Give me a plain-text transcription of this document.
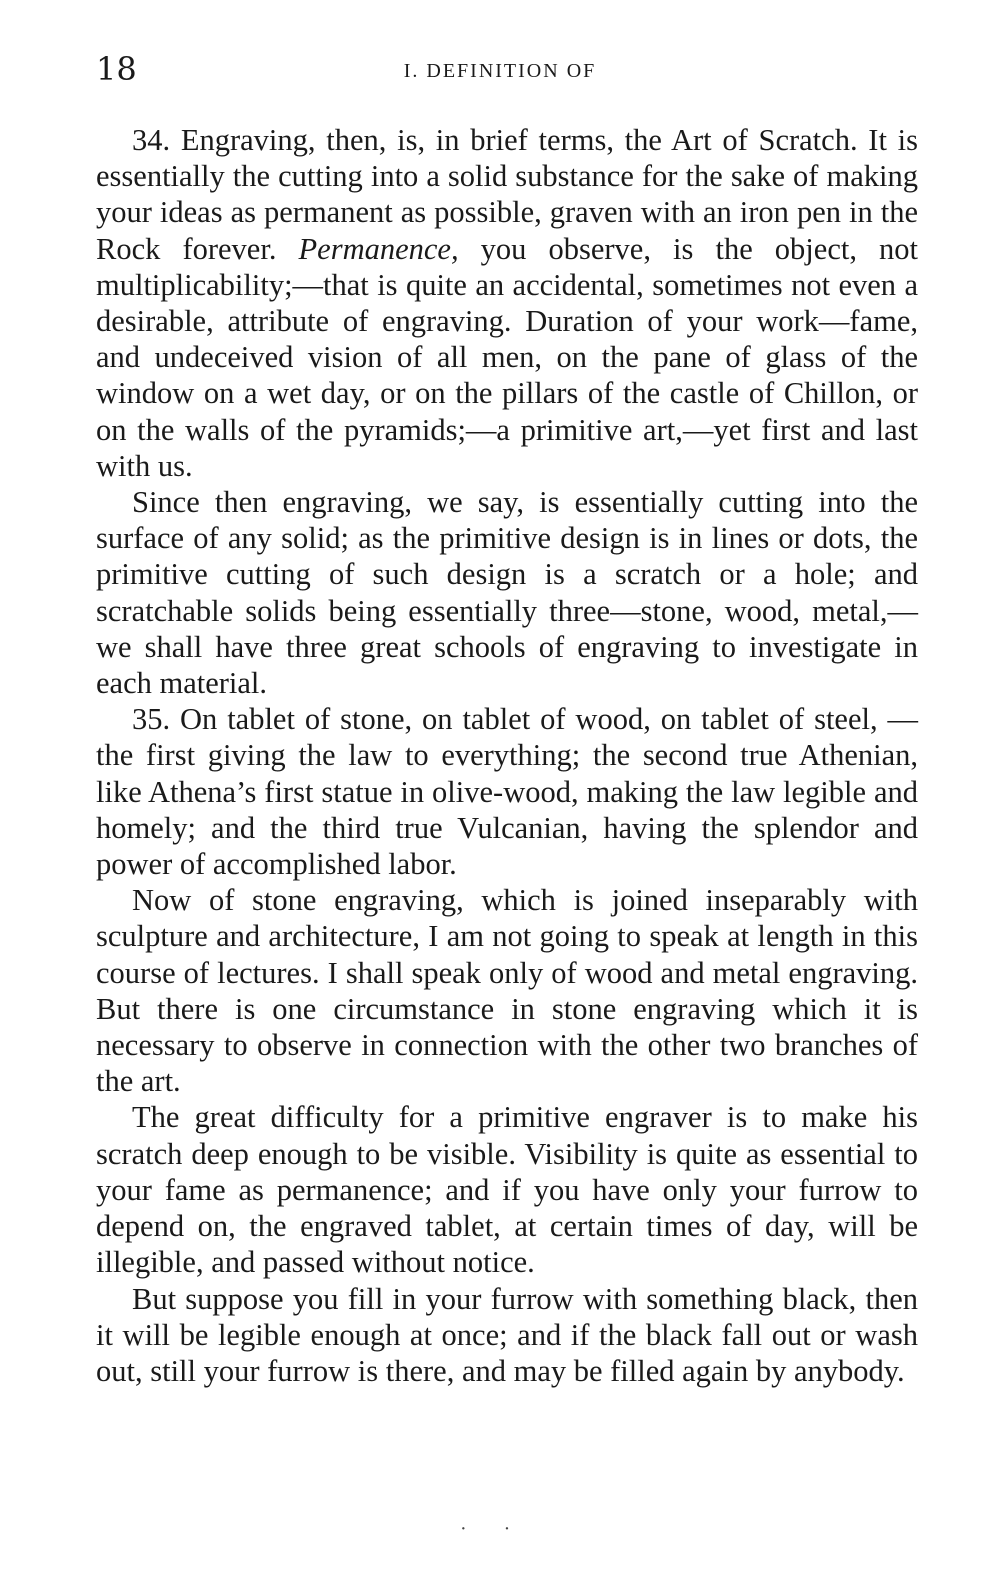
18	I. DEFINITION OF

34. Engraving, then, is, in brief terms, the Art of Scratch. It is essentially the cutting into a solid substance for the sake of making your ideas as permanent as possible, graven with an iron pen in the Rock forever. Permanence, you observe, is the object, not multiplicability;—that is quite an accidental, sometimes not even a desirable, attribute of engraving. Duration of your work—fame, and undeceived vision of all men, on the pane of glass of the window on a wet day, or on the pillars of the castle of Chillon, or on the walls of the pyramids;—a primitive art,—yet first and last with us.

Since then engraving, we say, is essentially cutting into the surface of any solid; as the primitive design is in lines or dots, the primitive cutting of such design is a scratch or a hole; and scratchable solids being essentially three—stone, wood, metal,—we shall have three great schools of engraving to investigate in each material.

35. On tablet of stone, on tablet of wood, on tablet of steel, —the first giving the law to everything; the second true Athenian, like Athena’s first statue in olive-wood, making the law legible and homely; and the third true Vulcanian, having the splendor and power of accomplished labor.

Now of stone engraving, which is joined inseparably with sculpture and architecture, I am not going to speak at length in this course of lectures. I shall speak only of wood and metal engraving. But there is one circumstance in stone engraving which it is necessary to observe in connection with the other two branches of the art.

The great difficulty for a primitive engraver is to make his scratch deep enough to be visible. Visibility is quite as essential to your fame as permanence; and if you have only your furrow to depend on, the engraved tablet, at certain times of day, will be illegible, and passed without notice.

But suppose you fill in your furrow with something black, then it will be legible enough at once; and if the black fall out or wash out, still your furrow is there, and may be filled again by anybody.

· ·
